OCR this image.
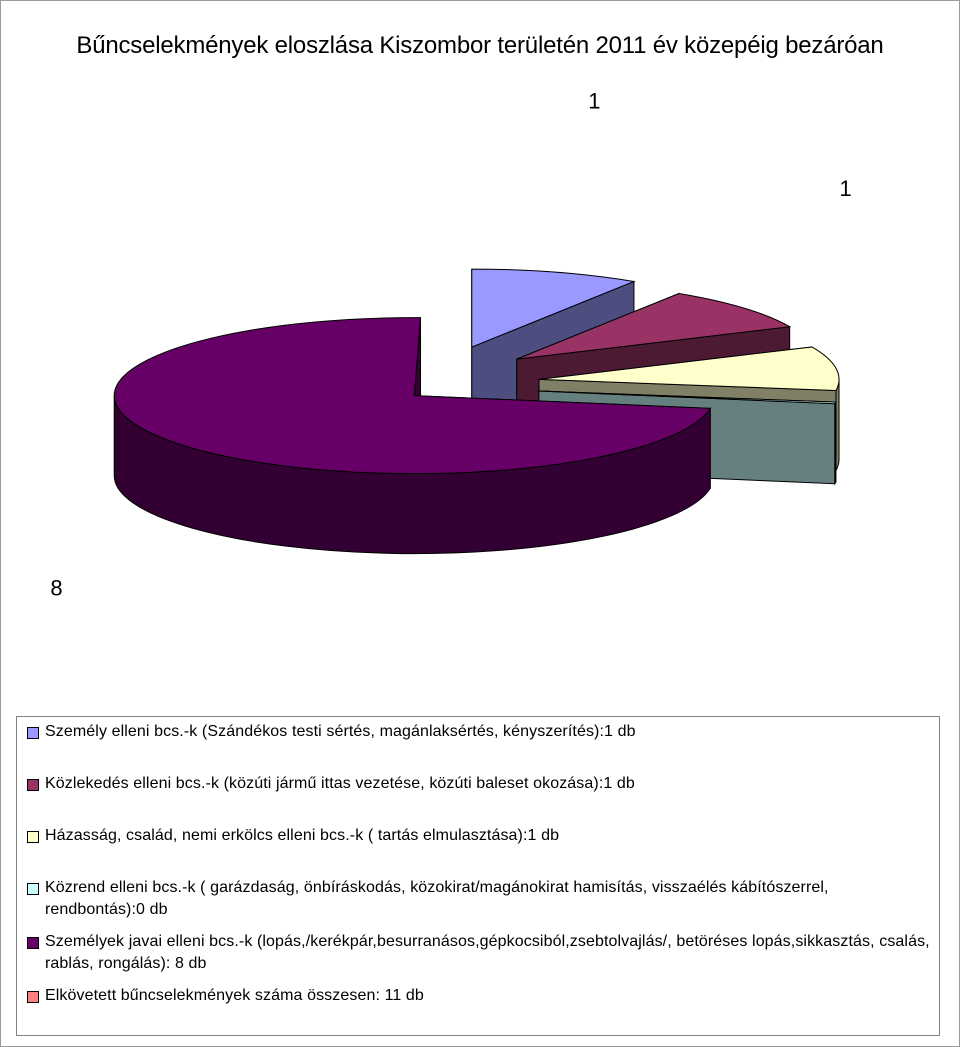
Bűncselekmények eloszlása Kiszombor területén 2011 év közepéig bezáróan
1
1
8
Személy elleni bcs.-k (Szándékos testi sértés, magánlaksértés, kényszerítés):1 db
Közlekedés elleni bcs.-k (közúti jármű ittas vezetése, közúti baleset okozása):1 db
Házasság, család, nemi erkölcs elleni bcs.-k ( tartás elmulasztása):1 db
Közrend elleni bcs.-k ( garázdaság, önbíráskodás, közokirat/magánokirat hamisítás, visszaélés kábítószerrel, rendbontás):0 db
Személyek javai elleni bcs.-k (lopás,/kerékpár,besurranásos,gépkocsiból,zsebtolvajlás/, betöréses lopás,sikkasztás, csalás, rablás, rongálás): 8 db
Elkövetett bűncselekmények száma összesen: 11 db
